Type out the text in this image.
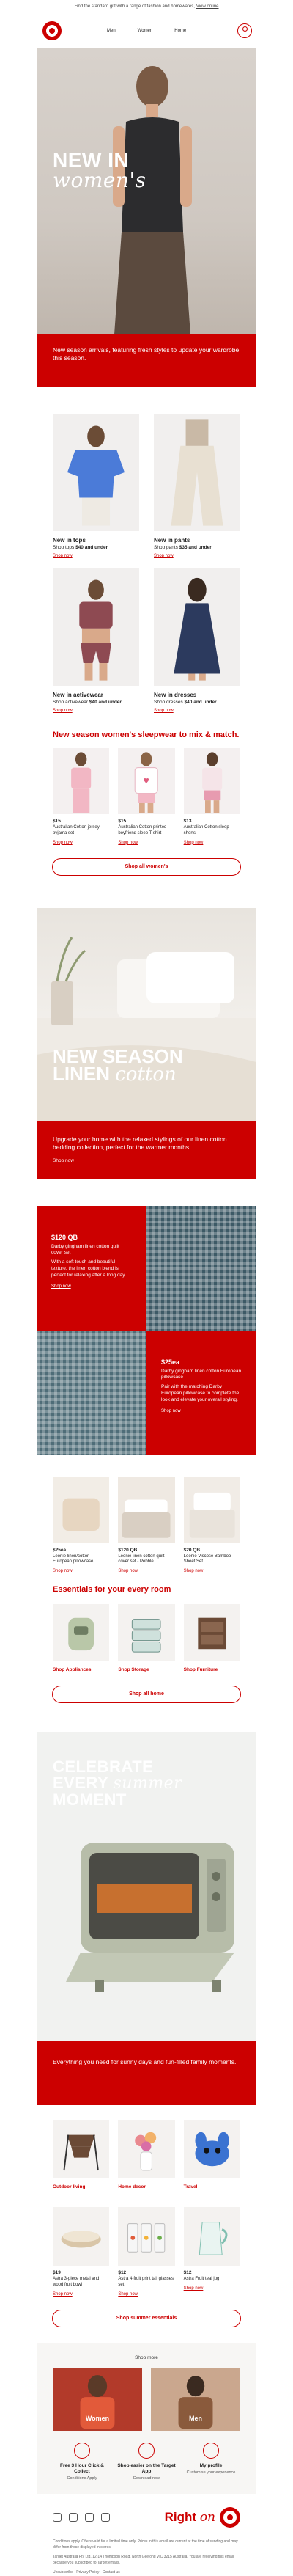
Find the standard gift with a range of fashion and homewares, View online
Men	Women	Home
NEW IN
women's
New season arrivals, featuring fresh styles to update your wardrobe this season.
New in tops
Shop tops $40 and under
Shop now
New in pants
Shop pants $35 and under
Shop now
New in activewear
Shop activewear $40 and under
Shop now
New in dresses
Shop dresses $40 and under
Shop now
New season women's sleepwear to mix & match.
$15
Australian Cotton jersey pyjama set
Shop now
♥
$15
Australian Cotton printed boyfriend sleep T-shirt
Shop now
$13
Australian Cotton sleep shorts
Shop now
Shop all women's
NEW SEASON
LINEN cotton
Upgrade your home with the relaxed stylings of our linen cotton bedding collection, perfect for the warmer months.
Shop now
$120 QB
Darby gingham linen cotton quilt cover set
With a soft touch and beautiful texture, the linen cotton blend is perfect for relaxing after a long day.
Shop now
$25ea
Darby gingham linen cotton European pillowcase
Pair with the matching Darby European pillowcase to complete the look and elevate your overall styling.
Shop now
$25ea
Leonie linen/cotton European pillowcase
Shop now
$120 QB
Leonie linen cotton quilt cover set - Pebble
Shop now
$20 QB
Leonie Viscose Bamboo Sheet Set
Shop now
Essentials for your every room
Shop Appliances	Shop Storage	Shop Furniture
Shop all home
CELEBRATE
EVERY summer
MOMENT
Everything you need for sunny days and fun-filled family moments.
Outdoor living	Home decor	Travel
$19
Astra 3-piece metal and wood fruit bowl
Shop now
$12
Astra 4-fruit print tall glasses set
Shop now
$12
Astra Fruit teal jug
Shop now
Shop summer essentials
Shop more
Women	Men
Free 3 Hour Click & Collect
Conditions Apply
Shop easier on the Target App
Download now
My profile
Customise your experience
Right on

Conditions apply. Offers valid for a limited time only. Prices in this email are current at the time of sending and may differ from those displayed in stores.

Target Australia Pty Ltd. 12-14 Thompson Road, North Geelong VIC 3215 Australia. You are receiving this email because you subscribed to Target emails.

Unsubscribe · Privacy Policy · Contact us
